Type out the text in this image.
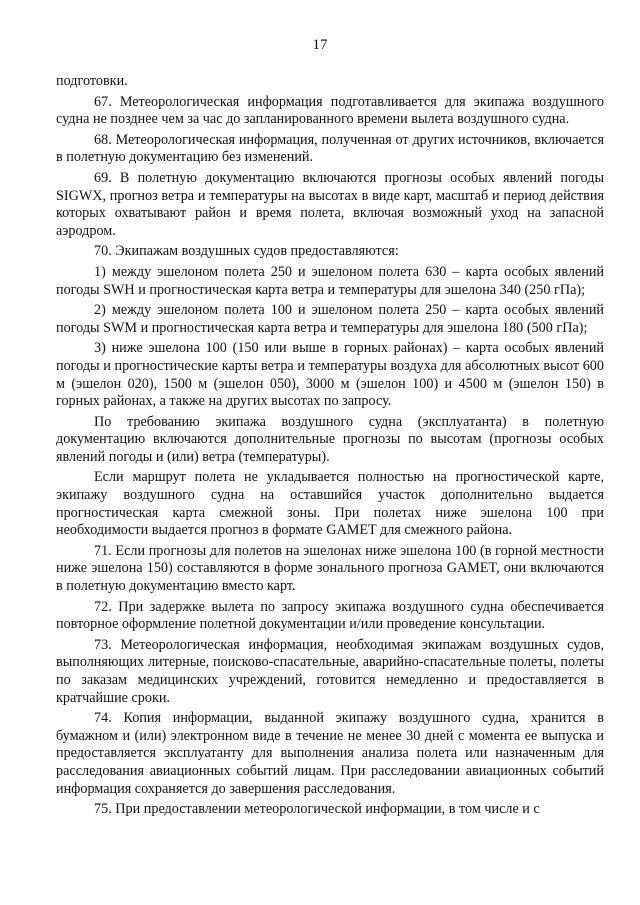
17

подготовки.

67. Метеорологическая информация подготавливается для экипажа воздушного судна не позднее чем за час до запланированного времени вылета воздушного судна.

68. Метеорологическая информация, полученная от других источников, включается в полетную документацию без изменений.

69. В полетную документацию включаются прогнозы особых явлений погоды SIGWX, прогноз ветра и температуры на высотах в виде карт, масштаб и период действия которых охватывают район и время полета, включая возможный уход на запасной аэродром.

70. Экипажам воздушных судов предоставляются:

1) между эшелоном полета 250 и эшелоном полета 630 – карта особых явлений погоды SWH и прогностическая карта ветра и температуры для эшелона 340 (250 гПа);

2) между эшелоном полета 100 и эшелоном полета 250 – карта особых явлений погоды SWM и прогностическая карта ветра и температуры для эшелона 180 (500 гПа);

3) ниже эшелона 100 (150 или выше в горных районах) – карта особых явлений погоды и прогностические карты ветра и температуры воздуха для абсолютных высот 600 м (эшелон 020), 1500 м (эшелон 050), 3000 м (эшелон 100) и 4500 м (эшелон 150) в горных районах, а также на других высотах по запросу.

По требованию экипажа воздушного судна (эксплуатанта) в полетную документацию включаются дополнительные прогнозы по высотам (прогнозы особых явлений погоды и (или) ветра (температуры).

Если маршрут полета не укладывается полностью на прогностической карте, экипажу воздушного судна на оставшийся участок дополнительно выдается прогностическая карта смежной зоны. При полетах ниже эшелона 100 при необходимости выдается прогноз в формате GAMET для смежного района.

71. Если прогнозы для полетов на эшелонах ниже эшелона 100 (в горной местности ниже эшелона 150) составляются в форме зонального прогноза GAMET, они включаются в полетную документацию вместо карт.

72. При задержке вылета по запросу экипажа воздушного судна обеспечивается повторное оформление полетной документации и/или проведение консультации.

73. Метеорологическая информация, необходимая экипажам воздушных судов, выполняющих литерные, поисково-спасательные, аварийно-спасательные полеты, полеты по заказам медицинских учреждений, готовится немедленно и предоставляется в кратчайшие сроки.

74. Копия информации, выданной экипажу воздушного судна, хранится в бумажном и (или) электронном виде в течение не менее 30 дней с момента ее выпуска и предоставляется эксплуатанту для выполнения анализа полета или назначенным для расследования авиационных событий лицам. При расследовании авиационных событий информация сохраняется до завершения расследования.

75. При предоставлении метеорологической информации, в том числе и с
